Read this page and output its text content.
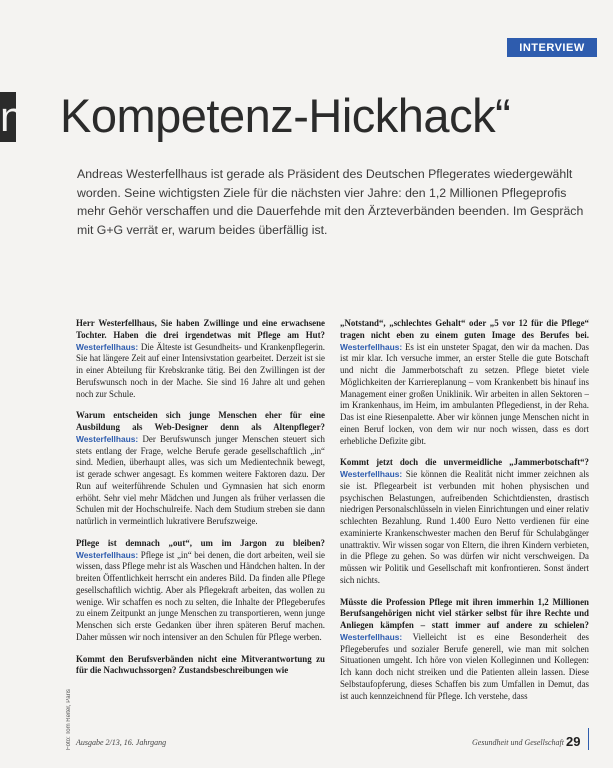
INTERVIEW
n Kompetenz-Hickhack“
Andreas Westerfellhaus ist gerade als Präsident des Deutschen Pflegerates wiedergewählt worden. Seine wichtigsten Ziele für die nächsten vier Jahre: den 1,2 Millionen Pflegeprofis mehr Gehör verschaffen und die Dauerfehde mit den Ärzteverbänden beenden. Im Gespräch mit G+G verrät er, warum beides überfällig ist.

Herr Westerfellhaus, Sie haben Zwillinge und eine erwachsene Tochter. Haben die drei irgendetwas mit Pflege am Hut? Westerfellhaus: Die Älteste ist Gesundheits- und Krankenpflegerin. Sie hat längere Zeit auf einer Intensivstation gearbeitet. Derzeit ist sie in einer Abteilung für Krebskranke tätig. Bei den Zwillingen ist der Berufswunsch noch in der Mache. Sie sind 16 Jahre alt und gehen noch zur Schule.

Warum entscheiden sich junge Menschen eher für eine Ausbildung als Web-Designer denn als Altenpfleger? Westerfellhaus: Der Berufswunsch junger Menschen steuert sich stets entlang der Frage, welche Berufe gerade gesellschaftlich „in“ sind. Medien, überhaupt alles, was sich um Medientechnik bewegt, ist gerade schwer angesagt. Es kommen weitere Faktoren dazu. Der Run auf weiterführende Schulen und Gymnasien hat sich enorm erhöht. Sehr viel mehr Mädchen und Jungen als früher verlassen die Schulen mit der Hochschulreife. Nach dem Studium streben sie dann natürlich in vermeintlich lukrativere Berufszweige.

Pflege ist demnach „out“, um im Jargon zu bleiben? Westerfellhaus: Pflege ist „in“ bei denen, die dort arbeiten, weil sie wissen, dass Pflege mehr ist als Waschen und Händchen halten. In der breiten Öffentlichkeit herrscht ein anderes Bild. Da finden alle Pflege gesellschaftlich wichtig. Aber als Pflegekraft arbeiten, das wollen zu wenige. Wir schaffen es noch zu selten, die Inhalte der Pflegeberufes zu einem Zeitpunkt an junge Menschen zu transportieren, wenn junge Menschen sich erste Gedanken über ihren späteren Beruf machen. Daher müssen wir noch intensiver an den Schulen für Pflege werben.

Kommt den Berufsverbänden nicht eine Mitverantwortung zu für die Nachwuchssorgen? Zustandsbeschreibungen wie

„Notstand“, „schlechtes Gehalt“ oder „5 vor 12 für die Pflege“ tragen nicht eben zu einem guten Image des Berufes bei. Westerfellhaus: Es ist ein unsteter Spagat, den wir da machen. Das ist mir klar. Ich versuche immer, an erster Stelle die gute Botschaft und nicht die Jammerbotschaft zu setzen. Pflege bietet viele Möglichkeiten der Karriereplanung – vom Krankenbett bis hinauf ins Management einer großen Uniklinik. Wir arbeiten in allen Sektoren – im Krankenhaus, im Heim, im ambulanten Pflegedienst, in der Reha. Das ist eine Riesenpalette. Aber wir können junge Menschen nicht in einen Beruf locken, von dem wir nur noch wissen, dass es dort erhebliche Defizite gibt.

Kommt jetzt doch die unvermeidliche „Jammerbotschaft“? Westerfellhaus: Sie können die Realität nicht immer zeichnen als sie ist. Pflegearbeit ist verbunden mit hohen physischen und psychischen Belastungen, aufreibenden Schichtdiensten, drastisch niedrigen Personalschlüsseln in vielen Einrichtungen und einer relativ schlechten Bezahlung. Rund 1.400 Euro Netto verdienen für eine examinierte Krankenschwester machen den Beruf für Schulabgänger unattraktiv. Wir wissen sogar von Eltern, die ihren Kindern verbieten, in die Pflege zu gehen. So was dürfen wir nicht verschweigen. Da müssen wir Politik und Gesellschaft mit konfrontieren. Sonst ändert sich nichts.

Müsste die Profession Pflege mit ihren immerhin 1,2 Millionen Berufsangehörigen nicht viel stärker selbst für ihre Rechte und Anliegen kämpfen – statt immer auf andere zu schielen? Westerfellhaus: Vielleicht ist es eine Besonderheit des Pflegeberufes und sozialer Berufe generell, wie man mit solchen Situationen umgeht. Ich höre von vielen Kolleginnen und Kollegen: Ich kann doch nicht streiken und die Patienten allein lassen. Diese Selbstaufopferung, dieses Schaffen bis zum Umfallen in Demut, das ist auch kennzeichnend für Pflege. Ich verstehe, dass

Foto: Tom Reiter, Paris Ausgabe 2/13, 16. Jahrgang	Gesundheit und Gesellschaft 29
